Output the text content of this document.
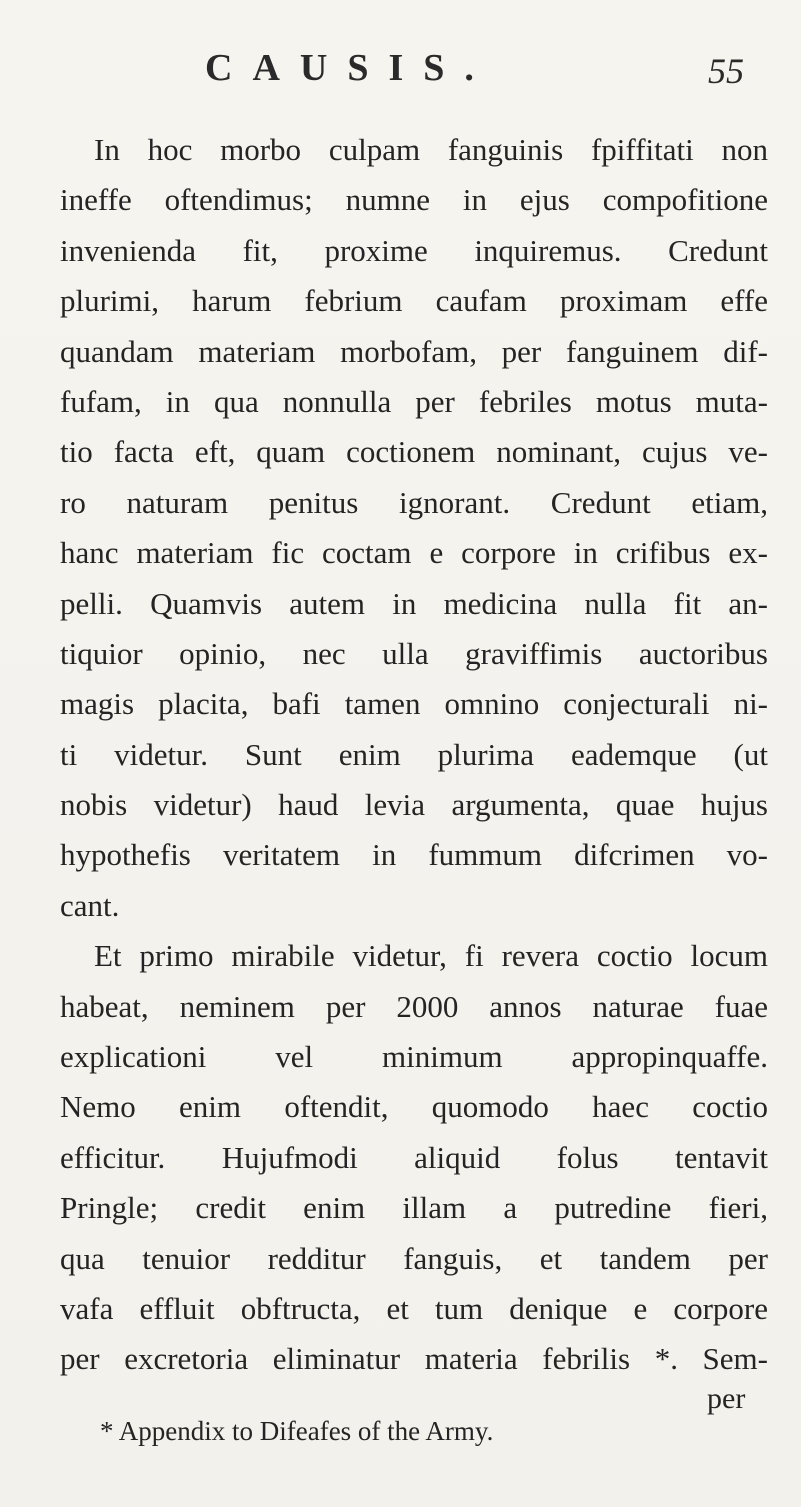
CAUSIS.	55
In hoc morbo culpam fanguinis fpiffitati non
ineffe oftendimus; numne in ejus compofitione
invenienda fit, proxime inquiremus. Credunt
plurimi, harum febrium caufam proximam effe
quandam materiam morbofam, per fanguinem dif-
fufam, in qua nonnulla per febriles motus muta-
tio facta eft, quam coctionem nominant, cujus ve-
ro naturam penitus ignorant. Credunt etiam,
hanc materiam fic coctam e corpore in crifibus ex-
pelli. Quamvis autem in medicina nulla fit an-
tiquior opinio, nec ulla graviffimis auctoribus
magis placita, bafi tamen omnino conjecturali ni-
ti videtur. Sunt enim plurima eademque (ut
nobis videtur) haud levia argumenta, quae hujus
hypothefis veritatem in fummum difcrimen vo-
cant.
Et primo mirabile videtur, fi revera coctio locum
habeat, neminem per 2000 annos naturae fuae
explicationi vel minimum appropinquaffe.
Nemo enim oftendit, quomodo haec coctio
efficitur. Hujufmodi aliquid folus tentavit
Pringle; credit enim illam a putredine fieri,
qua tenuior redditur fanguis, et tandem per
vafa effluit obftructa, et tum denique e corpore
per excretoria eliminatur materia febrilis *. Sem-
per
* Appendix to Difeafes of the Army.
